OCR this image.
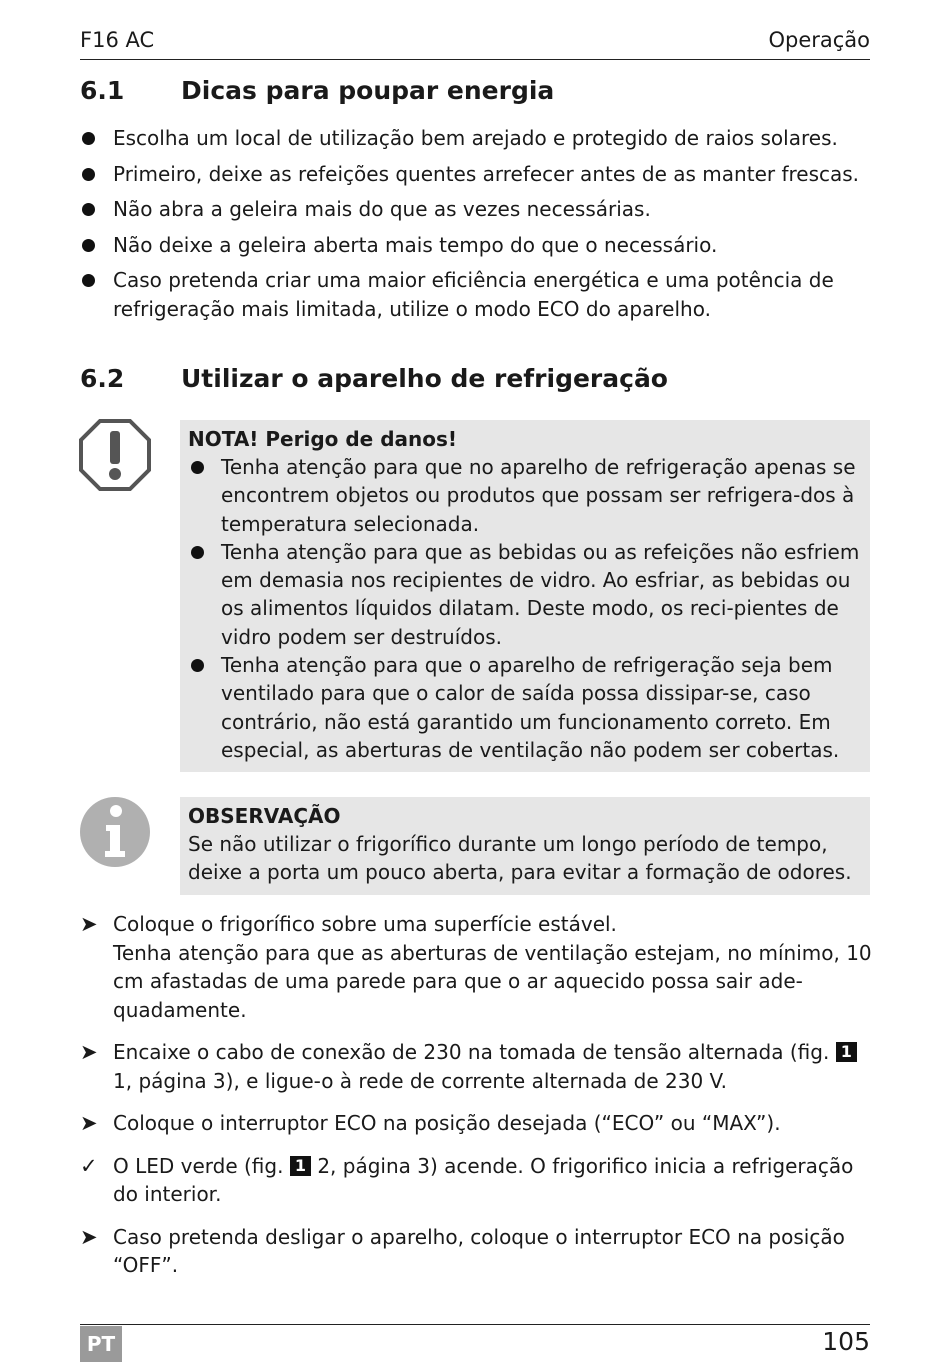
F16 AC	Operação
6.1 Dicas para poupar energia
Escolha um local de utilização bem arejado e protegido de raios solares.
Primeiro, deixe as refeições quentes arrefecer antes de as manter frescas.
Não abra a geleira mais do que as vezes necessárias.
Não deixe a geleira aberta mais tempo do que o necessário.
Caso pretenda criar uma maior eficiência energética e uma potência de refrigeração mais limitada, utilize o modo ECO do aparelho.
6.2 Utilizar o aparelho de refrigeração
NOTA! Perigo de danos!
Tenha atenção para que no aparelho de refrigeração apenas se encontrem objetos ou produtos que possam ser refrigera-dos à temperatura selecionada.
Tenha atenção para que as bebidas ou as refeições não esfriem em demasia nos recipientes de vidro. Ao esfriar, as bebidas ou os alimentos líquidos dilatam. Deste modo, os reci-pientes de vidro podem ser destruídos.
Tenha atenção para que o aparelho de refrigeração seja bem ventilado para que o calor de saída possa dissipar-se, caso contrário, não está garantido um funcionamento correto. Em especial, as aberturas de ventilação não podem ser cobertas.
OBSERVAÇÃO
Se não utilizar o frigorífico durante um longo período de tempo, deixe a porta um pouco aberta, para evitar a formação de odores.
➤ Coloque o frigorífico sobre uma superfície estável.
Tenha atenção para que as aberturas de ventilação estejam, no mínimo, 10 cm afastadas de uma parede para que o ar aquecido possa sair ade-quadamente.
➤ Encaixe o cabo de conexão de 230 na tomada de tensão alternada (fig. 1 1, página 3), e ligue-o à rede de corrente alternada de 230 V.
➤ Coloque o interruptor ECO na posição desejada (“ECO” ou “MAX”).
✓ O LED verde (fig. 1 2, página 3) acende. O frigorifico inicia a refrigeração do interior.
➤ Caso pretenda desligar o aparelho, coloque o interruptor ECO na posição “OFF”.
PT	105
